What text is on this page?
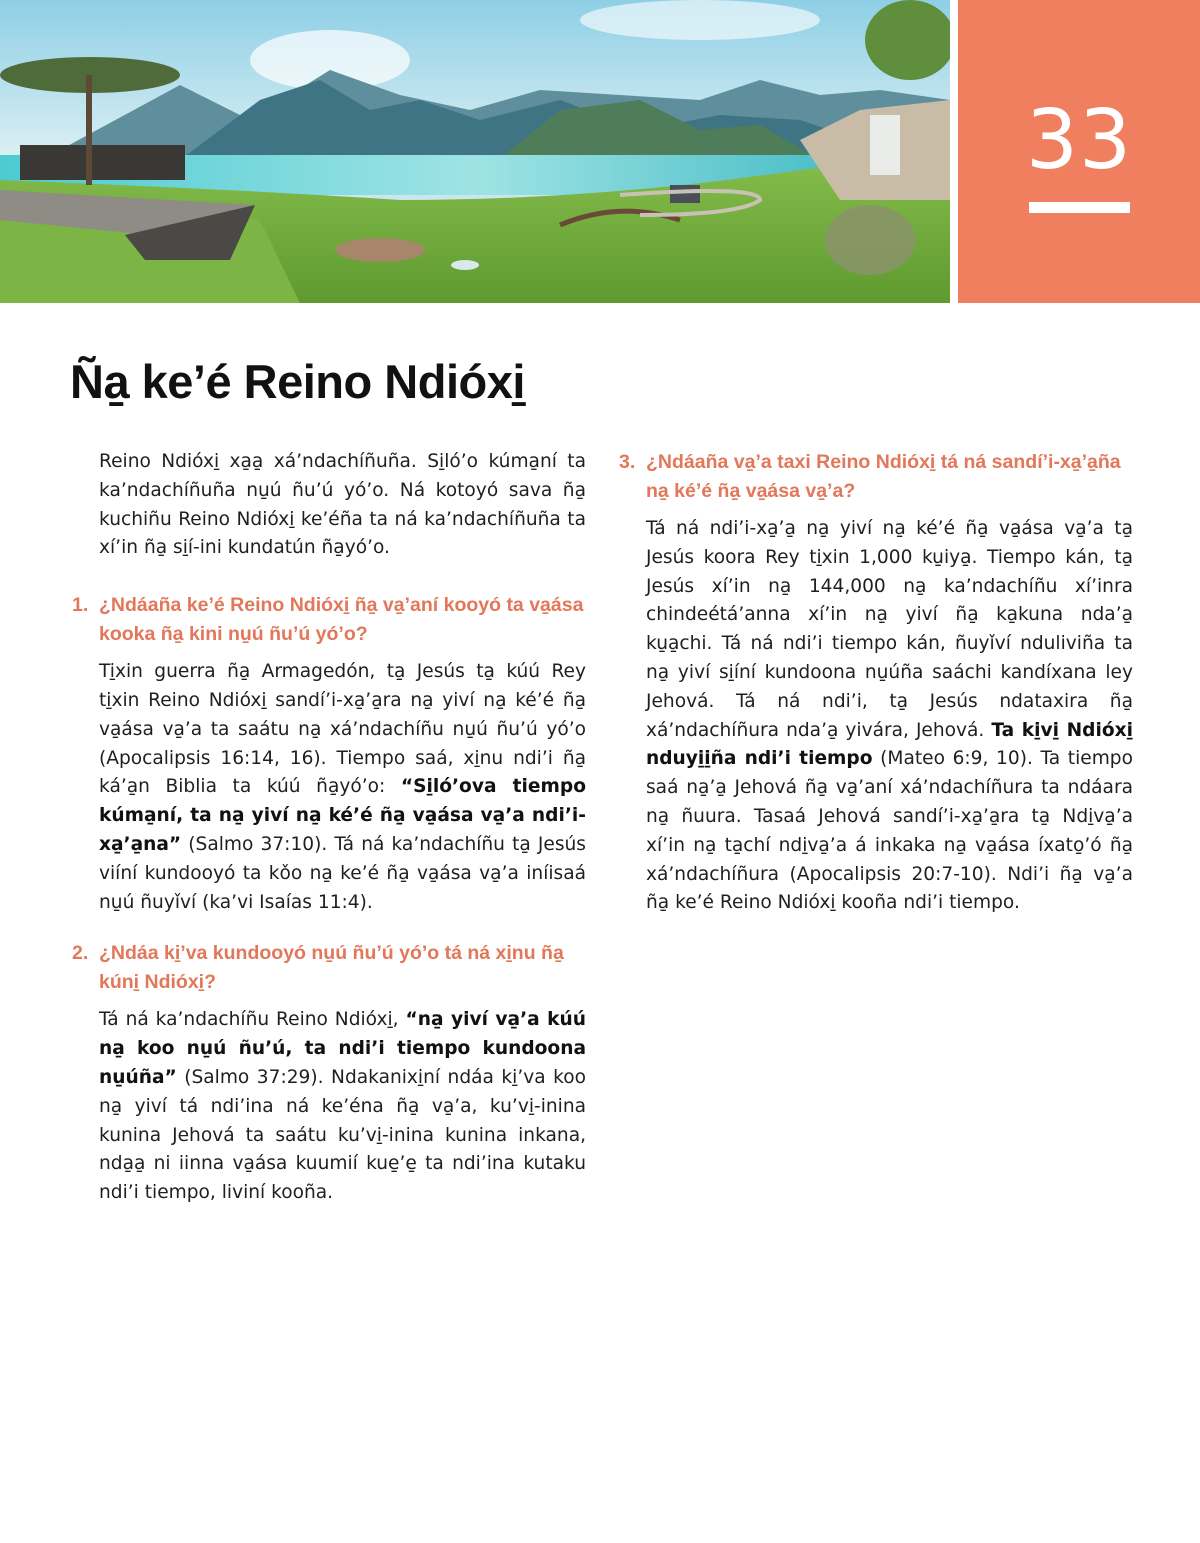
33
Ña̱ ke’é Reino Ndióxi̱

Reino Ndióxi̱ xa̱a̱ xá’ndachíñuña. Si̱ló’o kúma̱ní ta ka’ndachíñuña nu̱ú ñu’ú yó’o. Ná kotoyó sava ña̱ kuchiñu Reino Ndióxi̱ ke’éña ta ná ka’ndachíñuña ta xí’in ña̱ si̱í-ini kundatún ña̱yó’o.

1. ¿Ndáaña ke’é Reino Ndióxi̱ ña̱ va̱’aní kooyó ta va̱ása kooka ña̱ kini nu̱ú ñu’ú yó’o?

Ti̱xin guerra ña̱ Armagedón, ta̱ Jesús ta̱ kúú Rey ti̱xin Reino Ndióxi̱ sandí’i-xa̱’a̱ra na̱ yiví na̱ ké’é ña̱ va̱ása va̱’a ta saátu na̱ xá’ndachíñu nu̱ú ñu’ú yó’o (Apocalipsis 16:14, 16). Tiempo saá, xi̱nu ndi’i ña̱ ká’a̱n Biblia ta kúú ña̱yó’o: “Si̱ló’ova tiempo kúma̱ní, ta na̱ yiví na̱ ké’é ña̱ va̱ása va̱’a ndi’i-xa̱’a̱na” (Salmo 37:10). Tá ná ka’ndachíñu ta̱ Jesús viíní kundooyó ta kǒo na̱ ke’é ña̱ va̱ása va̱’a iníisaá nu̱ú ñuyǐví (ka’vi Isaías 11:4).

2. ¿Ndáa ki̱’va kundooyó nu̱ú ñu’ú yó’o tá ná xi̱nu ña̱ kúni̱ Ndióxi̱?

Tá ná ka’ndachíñu Reino Ndióxi̱, “na̱ yiví va̱’a kúú na̱ koo nu̱ú ñu’ú, ta ndi’i tiempo kundoona nu̱úña” (Salmo 37:29). Ndakanixi̱ní ndáa ki̱’va koo na̱ yiví tá ndi’ina ná ke’éna ña̱ va̱’a, ku’vi̱-inina kunina Jehová ta saátu ku’vi̱-inina kunina inkana, nda̱a̱ ni iinna va̱ása kuumií kue̱’e̱ ta ndi’ina kutaku ndi’i tiempo, liviní kooña.

3. ¿Ndáaña va̱’a taxi Reino Ndióxi̱ tá ná sandí’i-xa̱’a̱ña na̱ ké’é ña̱ va̱ása va̱’a?

Tá ná ndi’i-xa̱’a̱ na̱ yiví na̱ ké’é ña̱ va̱ása va̱’a ta̱ Jesús koora Rey ti̱xin 1,000 ku̱iya̱. Tiempo kán, ta̱ Jesús xí’in na̱ 144,000 na̱ ka’ndachíñu xí’inra chindeétá’anna xí’in na̱ yiví ña̱ ka̱kuna nda’a̱ ku̱a̱chi. Tá ná ndi’i tiempo kán, ñuyǐví nduliviña ta na̱ yiví si̱íní kundoona nu̱úña saáchi kandíxana ley Jehová. Tá ná ndi’i, ta̱ Jesús ndataxira ña̱ xá’ndachíñura nda’a̱ yivára, Jehová. Ta ki̱vi̱ Ndióxi̱ nduyi̱i̱ña ndi’i tiempo (Mateo 6:9, 10). Ta tiempo saá na̱’a̱ Jehová ña̱ va̱’aní xá’ndachíñura ta ndáara na̱ ñuura. Tasaá Jehová sandí’i-xa̱’a̱ra ta̱ Ndi̱va̱’a xí’in na̱ ta̱chí ndi̱va̱’a á inkaka na̱ va̱ása íxato̱’ó ña̱ xá’ndachíñura (Apocalipsis 20:7-10). Ndi’i ña̱ va̱’a ña̱ ke’é Reino Ndióxi̱ kooña ndi’i tiempo.
